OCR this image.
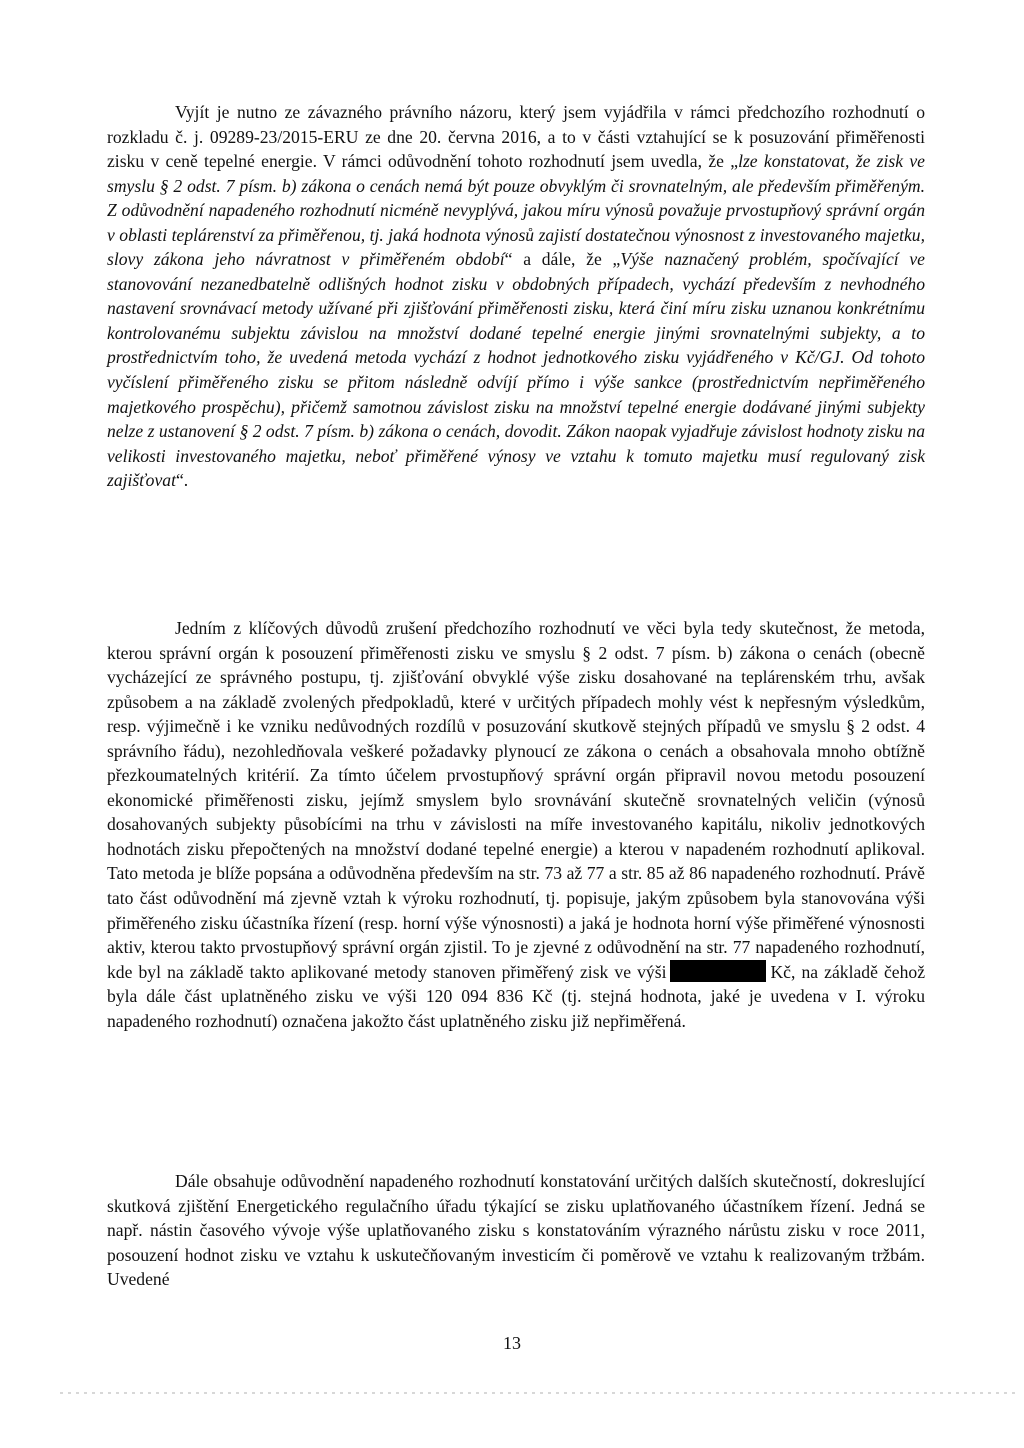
Vyjít je nutno ze závazného právního názoru, který jsem vyjádřila v rámci předchozího rozhodnutí o rozkladu č. j. 09289-23/2015-ERU ze dne 20. června 2016, a to v části vztahující se k posuzování přiměřenosti zisku v ceně tepelné energie. V rámci odůvodnění tohoto rozhodnutí jsem uvedla, že „lze konstatovat, že zisk ve smyslu § 2 odst. 7 písm. b) zákona o cenách nemá být pouze obvyklým či srovnatelným, ale především přiměřeným. Z odůvodnění napadeného rozhodnutí nicméně nevyplývá, jakou míru výnosů považuje prvostupňový správní orgán v oblasti teplárenství za přiměřenou, tj. jaká hodnota výnosů zajistí dostatečnou výnosnost z investovaného majetku, slovy zákona jeho návratnost v přiměřeném období“ a dále, že „Výše naznačený problém, spočívající ve stanovování nezanedbatelně odlišných hodnot zisku v obdobných případech, vychází především z nevhodného nastavení srovnávací metody užívané při zjišťování přiměřenosti zisku, která činí míru zisku uznanou konkrétnímu kontrolovanému subjektu závislou na množství dodané tepelné energie jinými srovnatelnými subjekty, a to prostřednictvím toho, že uvedená metoda vychází z hodnot jednotkového zisku vyjádřeného v Kč/GJ. Od tohoto vyčíslení přiměřeného zisku se přitom následně odvíjí přímo i výše sankce (prostřednictvím nepřiměřeného majetkového prospěchu), přičemž samotnou závislost zisku na množství tepelné energie dodávané jinými subjekty nelze z ustanovení § 2 odst. 7 písm. b) zákona o cenách, dovodit. Zákon naopak vyjadřuje závislost hodnoty zisku na velikosti investovaného majetku, neboť přiměřené výnosy ve vztahu k tomuto majetku musí regulovaný zisk zajišťovat“.

Jedním z klíčových důvodů zrušení předchozího rozhodnutí ve věci byla tedy skutečnost, že metoda, kterou správní orgán k posouzení přiměřenosti zisku ve smyslu § 2 odst. 7 písm. b) zákona o cenách (obecně vycházející ze správného postupu, tj. zjišťování obvyklé výše zisku dosahované na teplárenském trhu, avšak způsobem a na základě zvolených předpokladů, které v určitých případech mohly vést k nepřesným výsledkům, resp. výjimečně i ke vzniku nedůvodných rozdílů v posuzování skutkově stejných případů ve smyslu § 2 odst. 4 správního řádu), nezohledňovala veškeré požadavky plynoucí ze zákona o cenách a obsahovala mnoho obtížně přezkoumatelných kritérií. Za tímto účelem prvostupňový správní orgán připravil novou metodu posouzení ekonomické přiměřenosti zisku, jejímž smyslem bylo srovnávání skutečně srovnatelných veličin (výnosů dosahovaných subjekty působícími na trhu v závislosti na míře investovaného kapitálu, nikoliv jednotkových hodnotách zisku přepočtených na množství dodané tepelné energie) a kterou v napadeném rozhodnutí aplikoval. Tato metoda je blíže popsána a odůvodněna především na str. 73 až 77 a str. 85 až 86 napadeného rozhodnutí. Právě tato část odůvodnění má zjevně vztah k výroku rozhodnutí, tj. popisuje, jakým způsobem byla stanovována výši přiměřeného zisku účastníka řízení (resp. horní výše výnosnosti) a jaká je hodnota horní výše přiměřené výnosnosti aktiv, kterou takto prvostupňový správní orgán zjistil. To je zjevné z odůvodnění na str. 77 napadeného rozhodnutí, kde byl na základě takto aplikované metody stanoven přiměřený zisk ve výši	Kč, na základě čehož byla dále část uplatněného zisku ve výši 120 094 836 Kč (tj. stejná hodnota, jaké je uvedena v I. výroku napadeného rozhodnutí) označena jakožto část uplatněného zisku již nepřiměřená.

Dále obsahuje odůvodnění napadeného rozhodnutí konstatování určitých dalších skutečností, dokreslující skutková zjištění Energetického regulačního úřadu týkající se zisku uplatňovaného účastníkem řízení. Jedná se např. nástin časového vývoje výše uplatňovaného zisku s konstatováním výrazného nárůstu zisku v roce 2011, posouzení hodnot zisku ve vztahu k uskutečňovaným investicím či poměrově ve vztahu k realizovaným tržbám. Uvedené

13
